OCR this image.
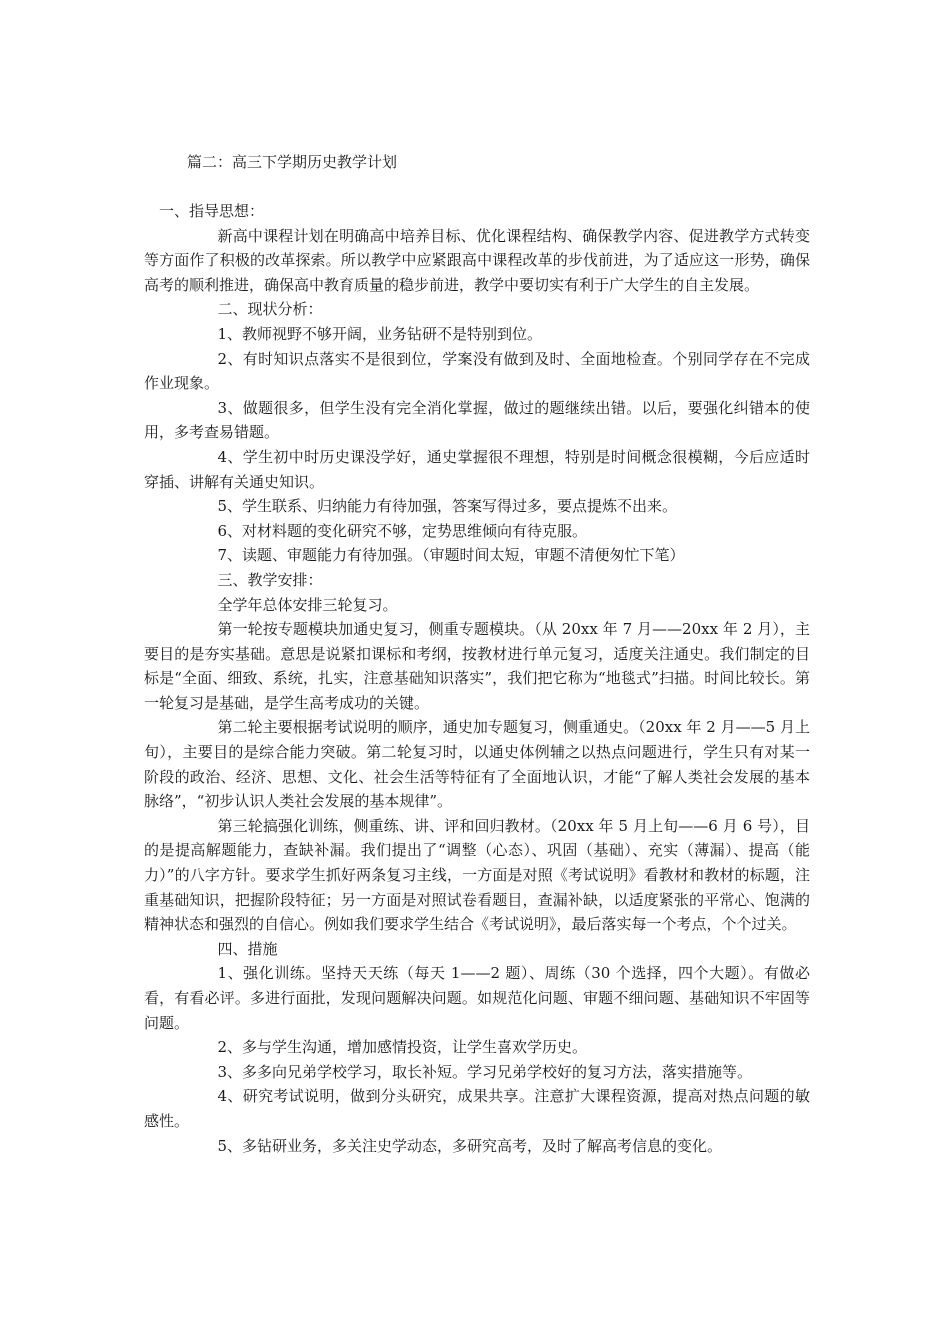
篇二：高三下学期历史教学计划

一、指导思想：

新高中课程计划在明确高中培养目标、优化课程结构、确保教学内容、促进教学方式转变等方面作了积极的改革探索。所以教学中应紧跟高中课程改革的步伐前进，为了适应这一形势，确保高考的顺利推进，确保高中教育质量的稳步前进，教学中要切实有利于广大学生的自主发展。

二、现状分析：

1、教师视野不够开阔，业务钻研不是特别到位。

2、有时知识点落实不是很到位，学案没有做到及时、全面地检查。个别同学存在不完成作业现象。

3、做题很多，但学生没有完全消化掌握，做过的题继续出错。以后，要强化纠错本的使用，多考查易错题。

4、学生初中时历史课没学好，通史掌握很不理想，特别是时间概念很模糊，今后应适时穿插、讲解有关通史知识。

5、学生联系、归纳能力有待加强，答案写得过多，要点提炼不出来。

6、对材料题的变化研究不够，定势思维倾向有待克服。

7、读题、审题能力有待加强。（审题时间太短，审题不清便匆忙下笔）

三、教学安排：

全学年总体安排三轮复习。

第一轮按专题模块加通史复习，侧重专题模块。（从 20xx 年 7 月——20xx 年 2 月），主要目的是夯实基础。意思是说紧扣课标和考纲，按教材进行单元复习，适度关注通史。我们制定的目标是“全面、细致、系统，扎实，注意基础知识落实”，我们把它称为“地毯式”扫描。时间比较长。第一轮复习是基础，是学生高考成功的关键。

第二轮主要根据考试说明的顺序，通史加专题复习，侧重通史。（20xx 年 2 月——5 月上旬），主要目的是综合能力突破。第二轮复习时，以通史体例辅之以热点问题进行，学生只有对某一阶段的政治、经济、思想、文化、社会生活等特征有了全面地认识，才能“了解人类社会发展的基本脉络”，“初步认识人类社会发展的基本规律”。

第三轮搞强化训练，侧重练、讲、评和回归教材。（20xx 年 5 月上旬——6 月 6 号），目的是提高解题能力，查缺补漏。我们提出了“调整（心态）、巩固（基础）、充实（薄漏）、提高（能力）”的八字方针。要求学生抓好两条复习主线，一方面是对照《考试说明》看教材和教材的标题，注重基础知识，把握阶段特征；另一方面是对照试卷看题目，查漏补缺，以适度紧张的平常心、饱满的精神状态和强烈的自信心。例如我们要求学生结合《考试说明》，最后落实每一个考点，个个过关。

四、措施

1、强化训练。坚持天天练（每天 1——2 题）、周练（30 个选择，四个大题）。有做必看，有看必评。多进行面批，发现问题解决问题。如规范化问题、审题不细问题、基础知识不牢固等问题。

2、多与学生沟通，增加感情投资，让学生喜欢学历史。

3、多多向兄弟学校学习，取长补短。学习兄弟学校好的复习方法，落实措施等。

4、研究考试说明，做到分头研究，成果共享。注意扩大课程资源，提高对热点问题的敏感性。

5、多钻研业务，多关注史学动态，多研究高考，及时了解高考信息的变化。
